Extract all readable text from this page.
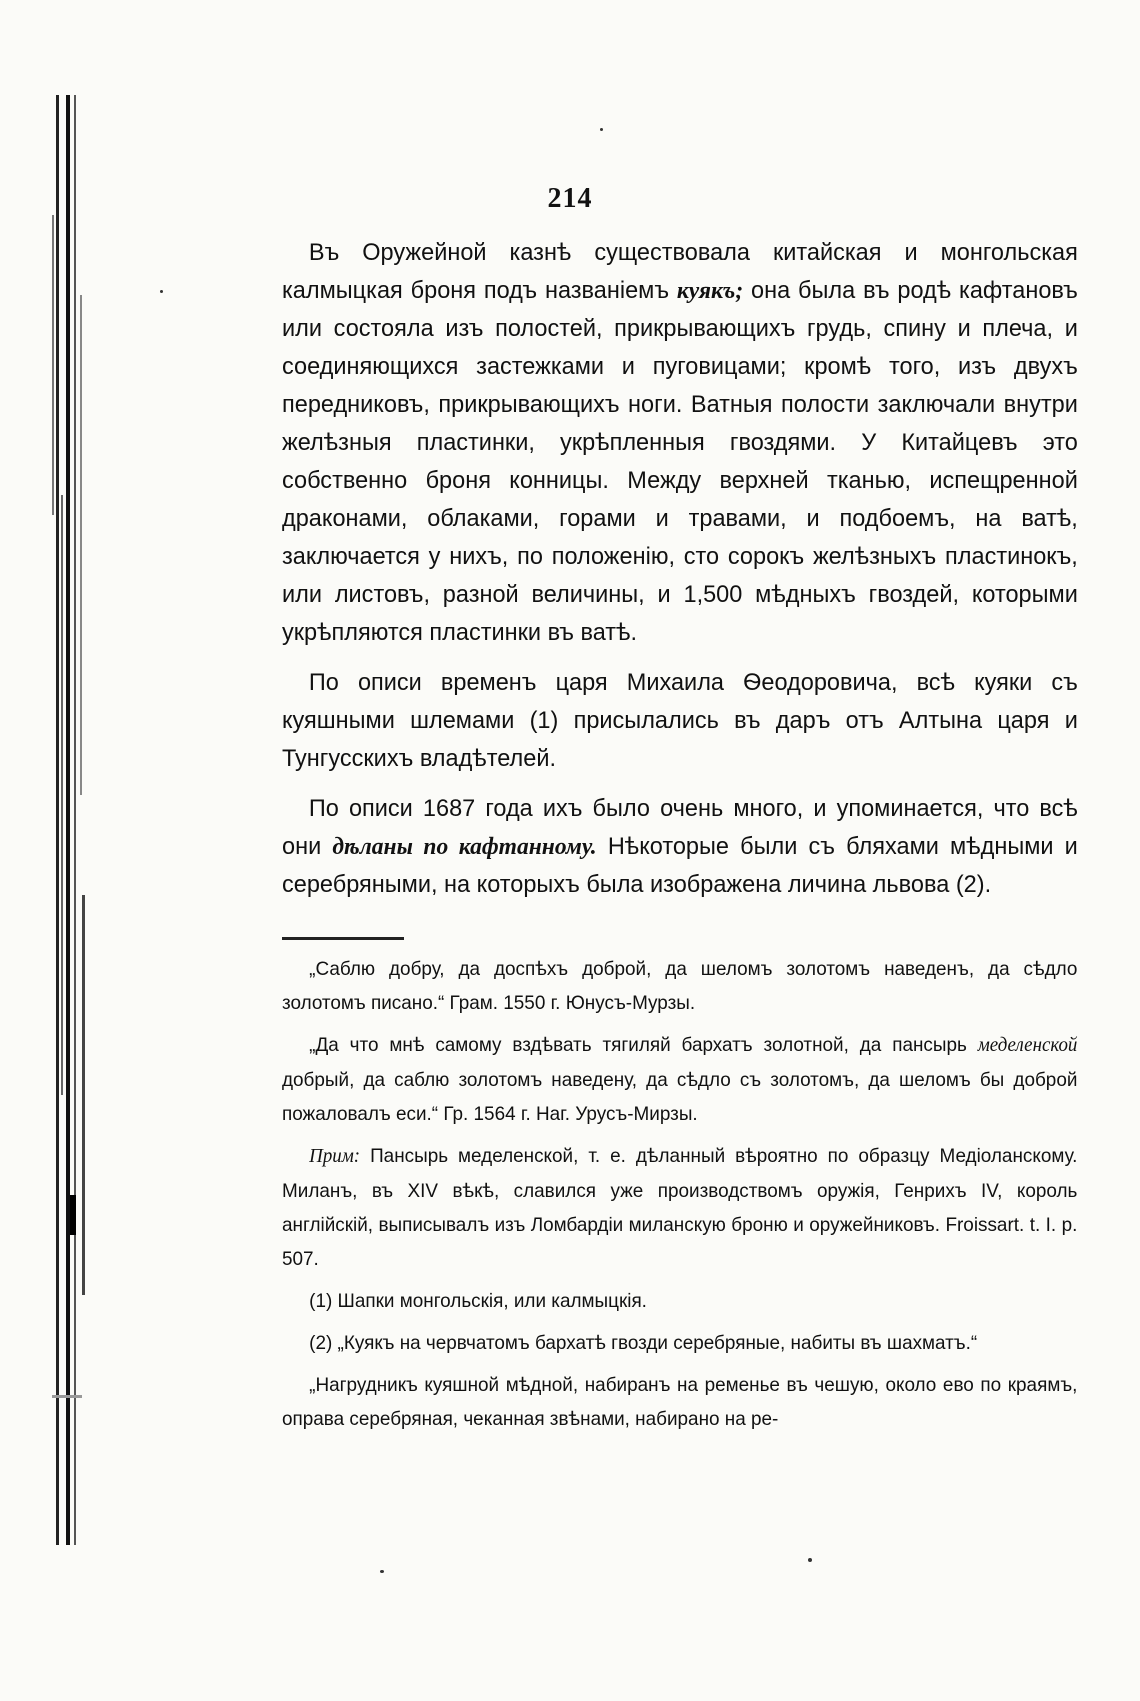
214

Въ Оружейной казнѣ существовала китайская и монгольская калмыцкая броня подъ названіемъ куякъ; она была въ родѣ кафтановъ или состояла изъ полостей, прикрывающихъ грудь, спину и плеча, и соединяющихся застежками и пуговицами; кромѣ того, изъ двухъ передниковъ, прикрывающихъ ноги. Ватныя полости заключали внутри желѣзныя пластинки, укрѣпленныя гвоздями. У Китайцевъ это собственно броня конницы. Между верхней тканью, испещренной драконами, облаками, горами и травами, и подбоемъ, на ватѣ, заключается у нихъ, по положенію, сто сорокъ желѣзныхъ пластинокъ, или листовъ, разной величины, и 1,500 мѣдныхъ гвоздей, которыми укрѣпляются пластинки въ ватѣ.

По описи временъ царя Михаила Ѳеодоровича, всѣ куяки съ куяшными шлемами (1) присылались въ даръ отъ Алтына царя и Тунгусскихъ владѣтелей.

По описи 1687 года ихъ было очень много, и упоминается, что всѣ они дѣланы по кафтанному. Нѣкоторые были съ бляхами мѣдными и серебряными, на которыхъ была изображена личина львова (2).

„Саблю добру, да доспѣхъ доброй, да шеломъ золотомъ наведенъ, да сѣдло золотомъ писано.“ Грам. 1550 г. Юнусъ-Мурзы.

„Да что мнѣ самому вздѣвать тягиляй бархатъ золотной, да пансырь меделенской добрый, да саблю золотомъ наведену, да сѣдло съ золотомъ, да шеломъ бы доброй пожаловалъ еси.“ Гр. 1564 г. Наг. Урусъ-Мирзы.

Прим: Пансырь меделенской, т. е. дѣланный вѣроятно по образцу Медіоланскому. Миланъ, въ XIV вѣкѣ, славился уже производствомъ оружія, Генрихъ IV, король англійскій, выписывалъ изъ Ломбардіи миланскую броню и оружейниковъ. Froissart. t. I. p. 507.

(1) Шапки монгольскія, или калмыцкія.

(2) „Куякъ на червчатомъ бархатѣ гвозди серебряные, набиты въ шахматъ.“

„Нагрудникъ куяшной мѣдной, набиранъ на ременье въ чешую, около ево по краямъ, оправа серебряная, чеканная звѣнами, набирано на ре-
